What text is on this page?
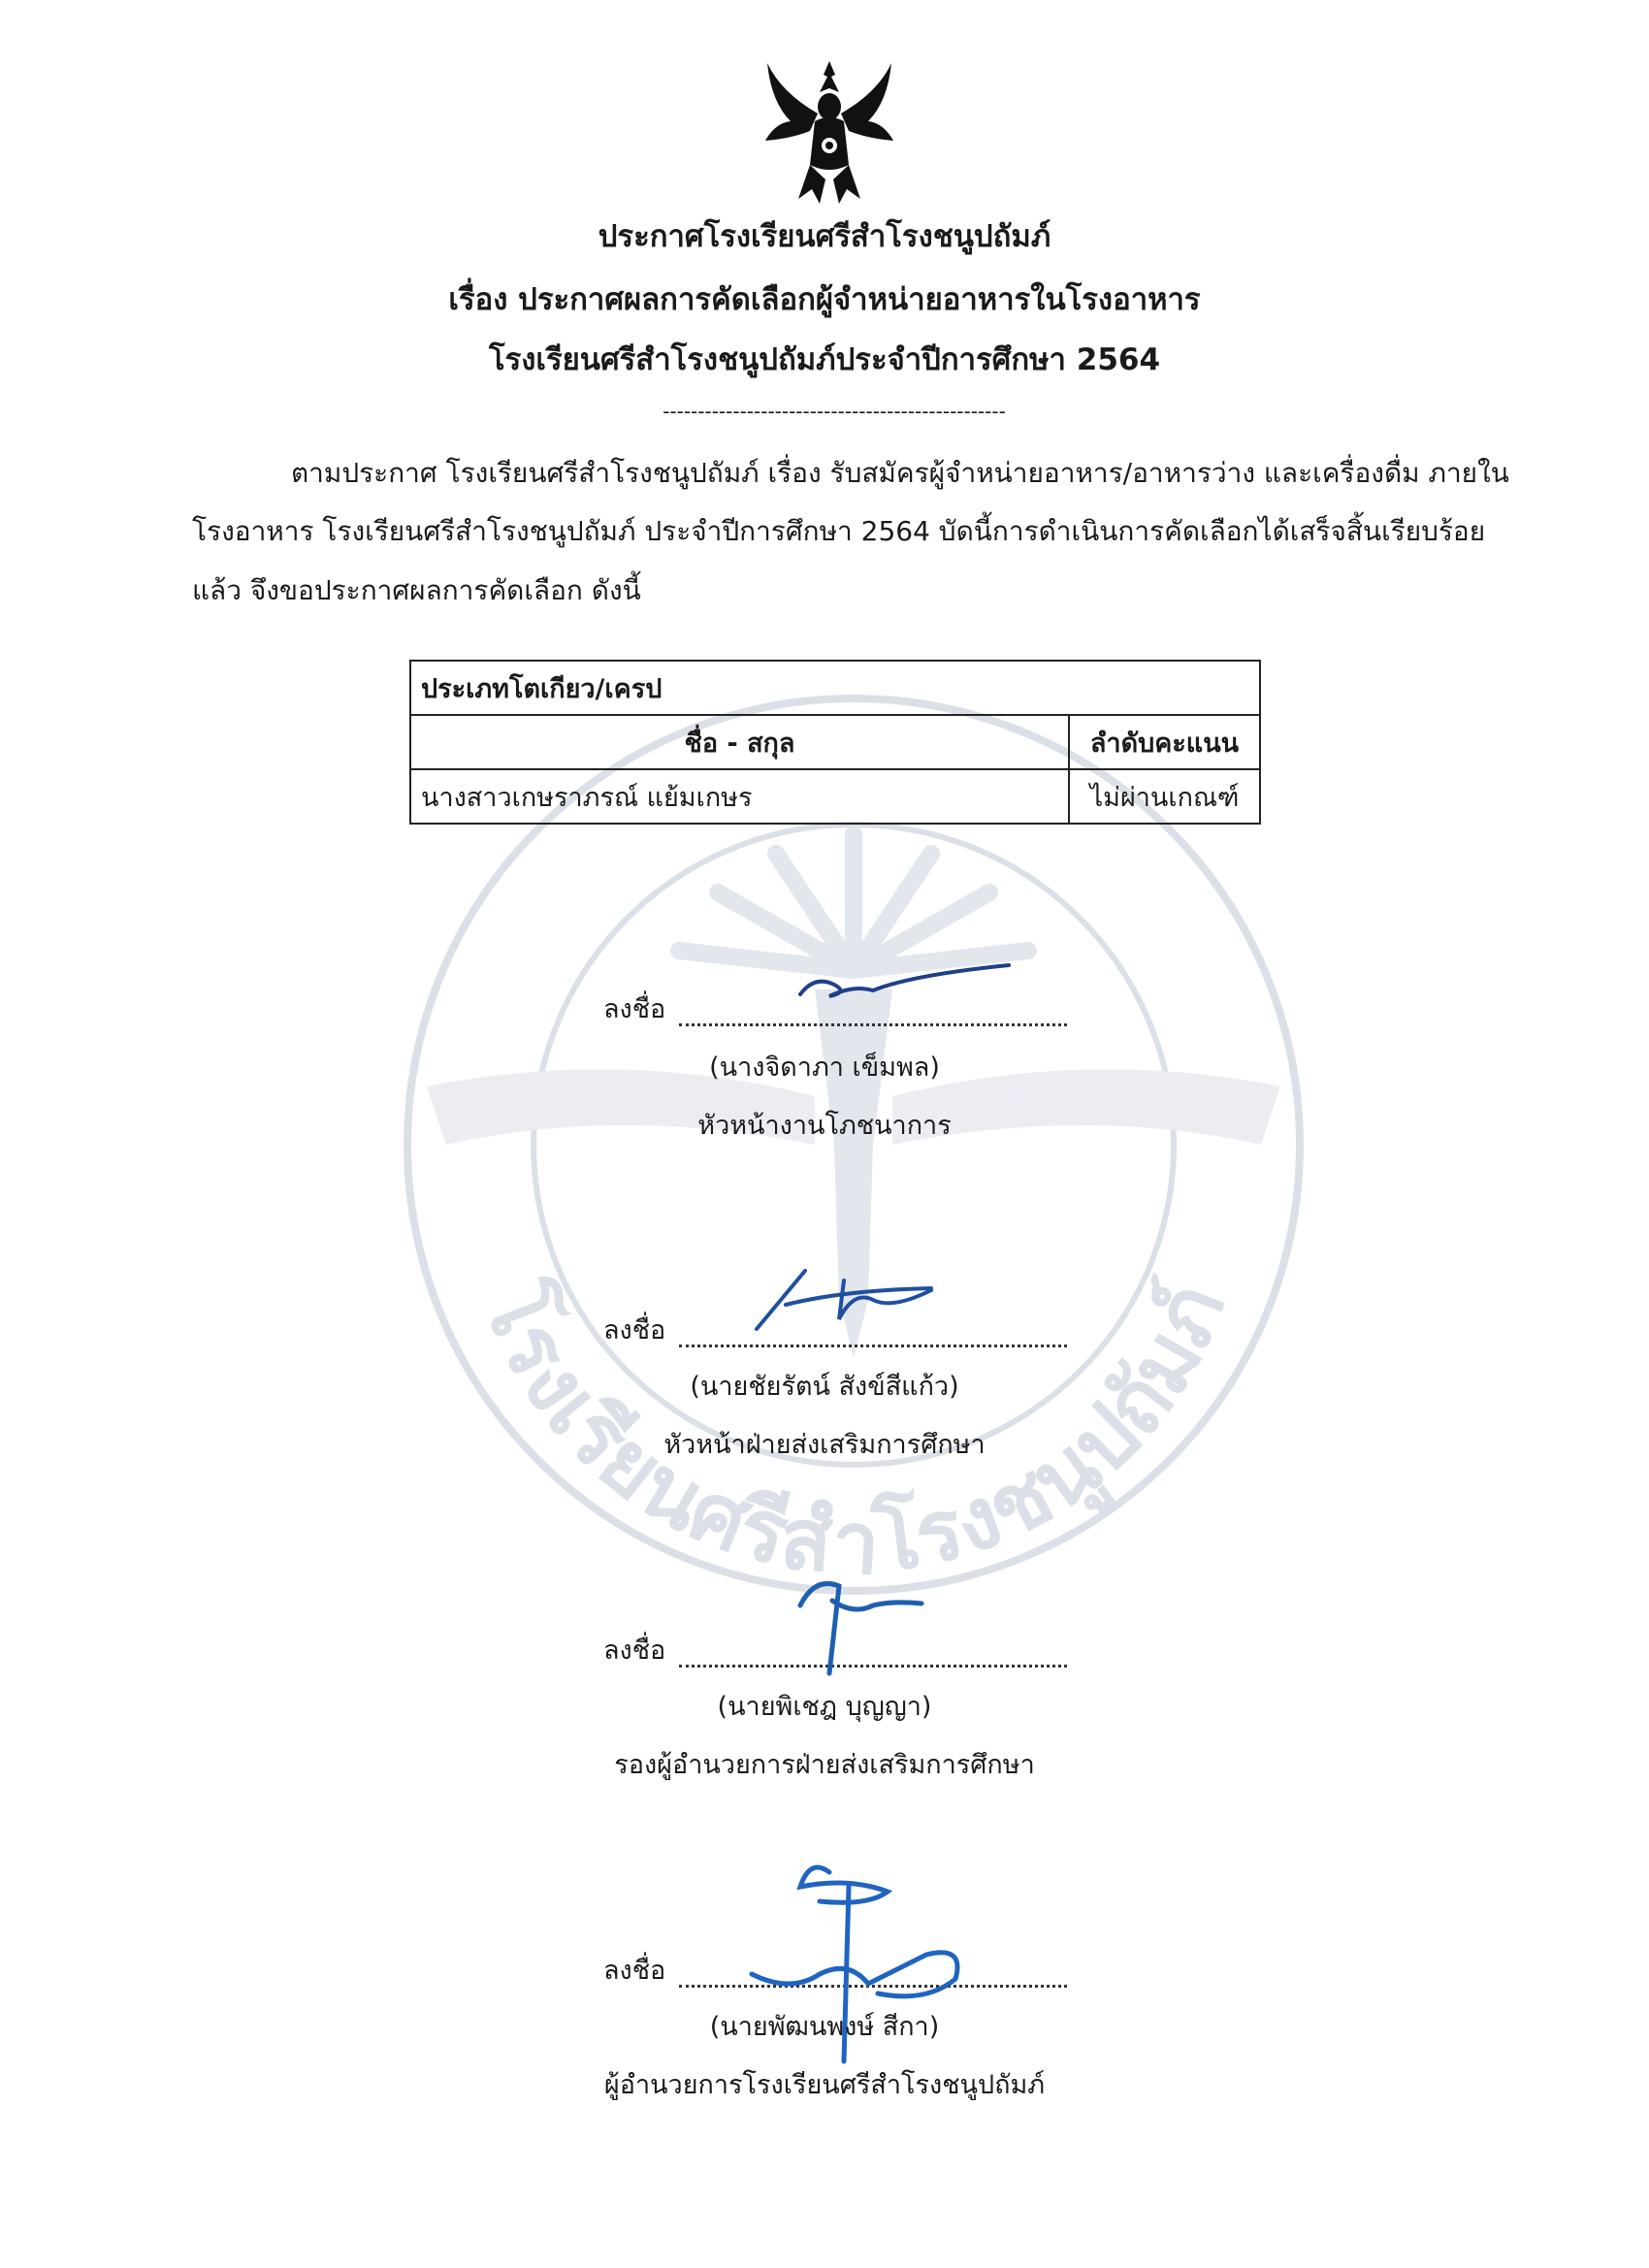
โรงเรียนศรีสำโรงชนูปถัมภ์
ประกาศโรงเรียนศรีสำโรงชนูปถัมภ์
เรื่อง ประกาศผลการคัดเลือกผู้จำหน่ายอาหารในโรงอาหาร
โรงเรียนศรีสำโรงชนูปถัมภ์ประจำปีการศึกษา 2564
-------------------------------------------------
ตามประกาศ โรงเรียนศรีสำโรงชนูปถัมภ์ เรื่อง รับสมัครผู้จำหน่ายอาหาร/อาหารว่าง และเครื่องดื่ม ภายใน
โรงอาหาร โรงเรียนศรีสำโรงชนูปถัมภ์ ประจำปีการศึกษา 2564 บัดนี้การดำเนินการคัดเลือกได้เสร็จสิ้นเรียบร้อย
แล้ว จึงขอประกาศผลการคัดเลือก ดังนี้
ประเภทโตเกียว/เครป	
ชื่อ - สกุล	ลำดับคะแนน
นางสาวเกษราภรณ์ แย้มเกษร	ไม่ผ่านเกณฑ์
ลงชื่อ
(นางจิดาภา เข็มพล)
หัวหน้างานโภชนาการ
ลงชื่อ
(นายชัยรัตน์ สังข์สีแก้ว)
หัวหน้าฝ่ายส่งเสริมการศึกษา
ลงชื่อ
(นายพิเชฎ บุญญา)
รองผู้อำนวยการฝ่ายส่งเสริมการศึกษา
ลงชื่อ
(นายพัฒนพงษ์ สีกา)
ผู้อำนวยการโรงเรียนศรีสำโรงชนูปถัมภ์
